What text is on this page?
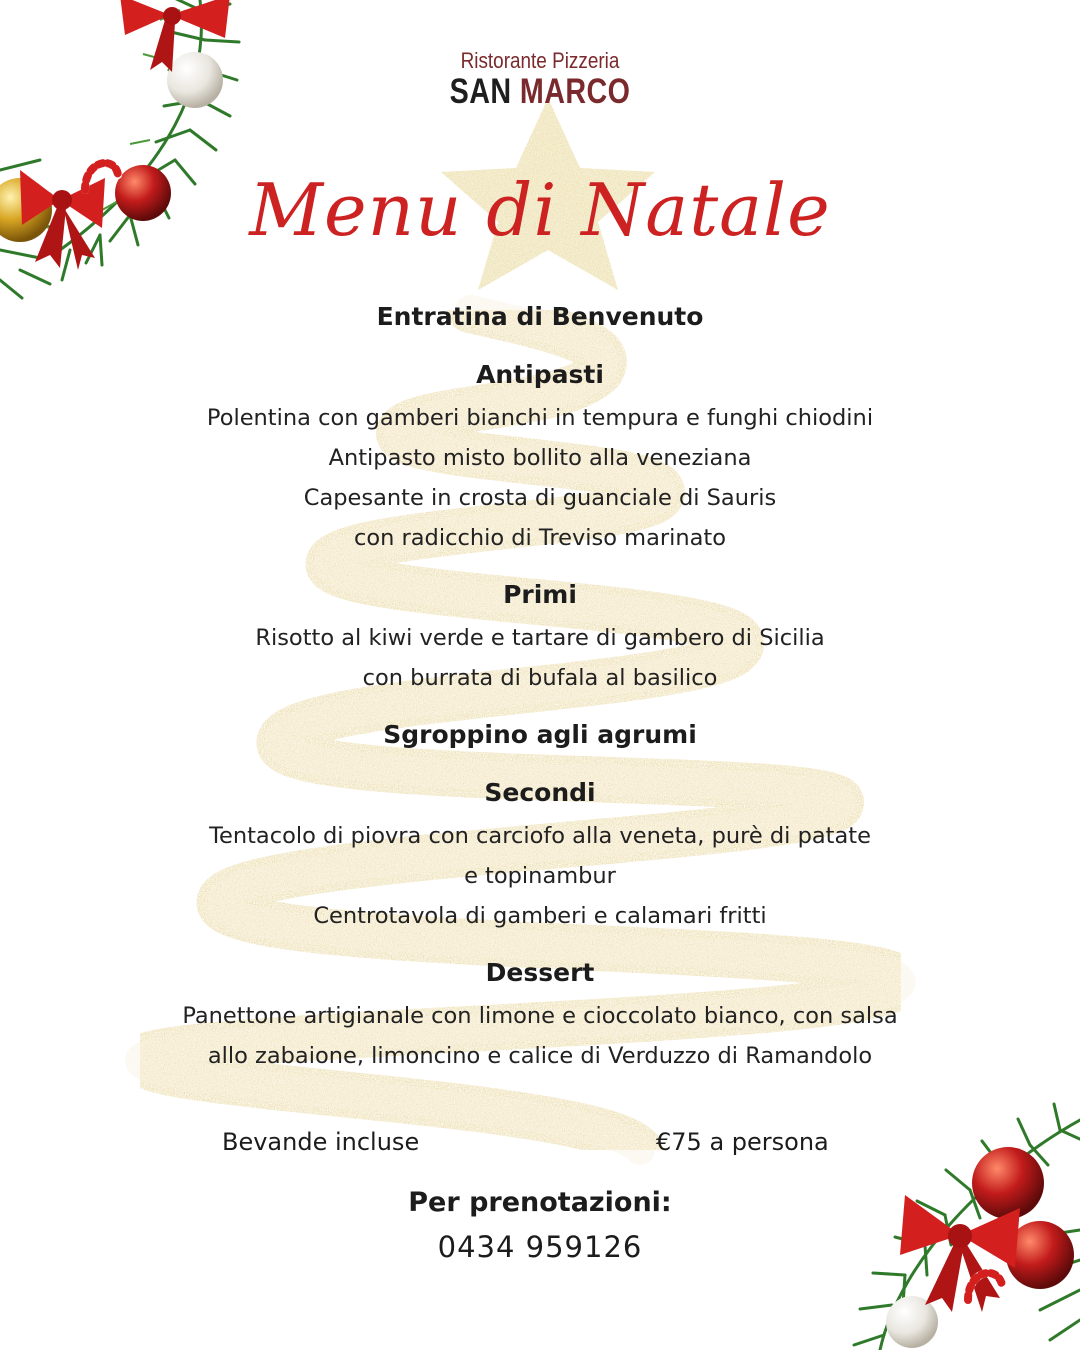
Ristorante Pizzeria
SAN MARCO
Menu di Natale
Entratina di Benvenuto
Antipasti
Polentina con gamberi bianchi in tempura e funghi chiodini
Antipasto misto bollito alla veneziana
Capesante in crosta di guanciale di Sauris
con radicchio di Treviso marinato
Primi
Risotto al kiwi verde e tartare di gambero di Sicilia
con burrata di bufala al basilico
Sgroppino agli agrumi
Secondi
Tentacolo di piovra con carciofo alla veneta, purè di patate
e topinambur
Centrotavola di gamberi e calamari fritti
Dessert
Panettone artigianale con limone e cioccolato bianco, con salsa
allo zabaione, limoncino e calice di Verduzzo di Ramandolo
Bevande incluse	€75 a persona
Per prenotazioni:
0434 959126
